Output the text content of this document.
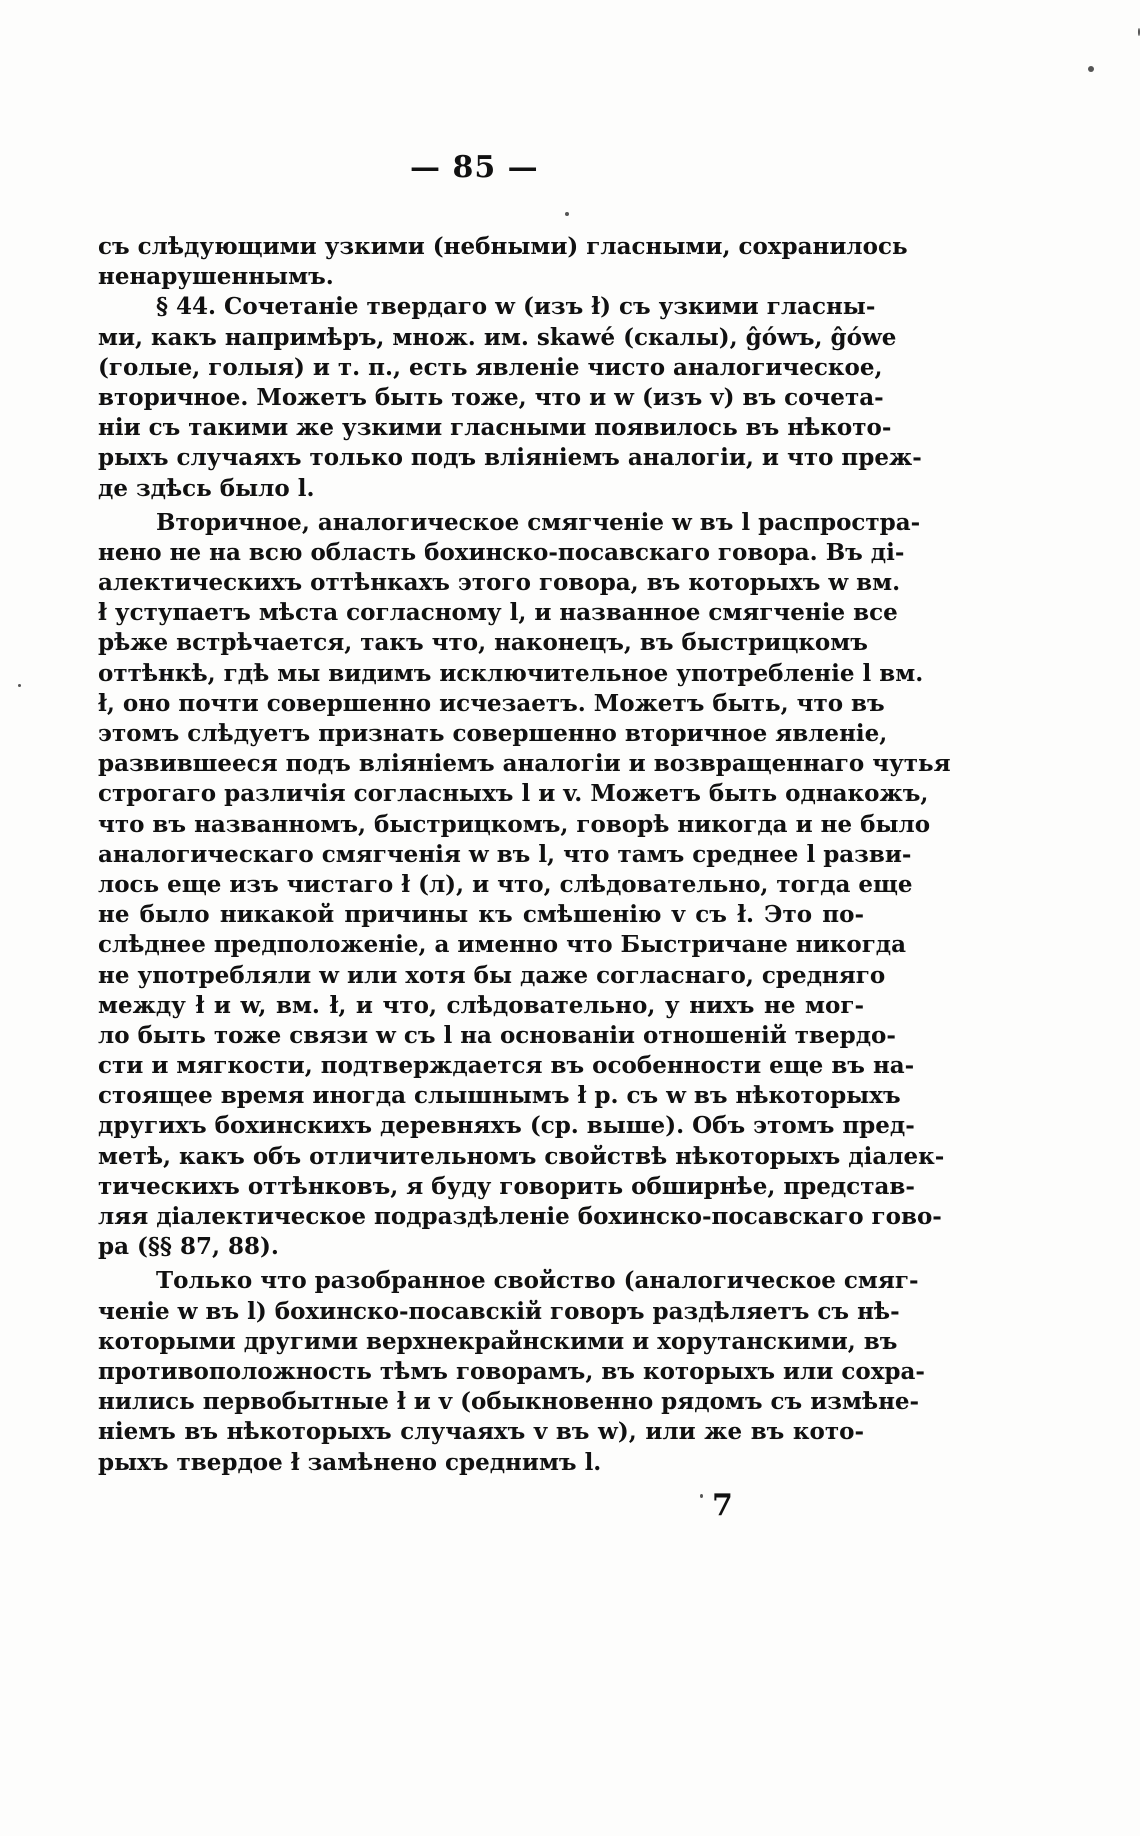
— 85 —
съ слѣдующими узкими (небными) гласными, сохранилось
ненарушеннымъ.
§ 44. Сочетаніе твердаго w (изъ ł) съ узкими гласны-
ми, какъ напримѣръ, множ. им. skawé (скалы), ĝówъ, ĝówe
(голые, голыя) и т. п., есть явленіе чисто аналогическое,
вторичное. Можетъ быть тоже, что и w (изъ v) въ сочета-
ніи съ такими же узкими гласными появилось въ нѣкото-
рыхъ случаяхъ только подъ вліяніемъ аналогіи, и что преж-
де здѣсь было l.
Вторичное, аналогическое смягченіе w въ l распростра-
нено не на всю область бохинско-посавскаго говора. Въ ді-
алектическихъ оттѣнкахъ этого говора, въ которыхъ w вм.
ł уступаетъ мѣста согласному l, и названное смягченіе все
рѣже встрѣчается, такъ что, наконецъ, въ быстрицкомъ
оттѣнкѣ, гдѣ мы видимъ исключительное употребленіе l вм.
ł, оно почти совершенно исчезаетъ. Можетъ быть, что въ
этомъ слѣдуетъ признать совершенно вторичное явленіе,
развившееся подъ вліяніемъ аналогіи и возвращеннаго чутья
строгаго различія согласныхъ l и v. Можетъ быть однакожъ,
что въ названномъ, быстрицкомъ, говорѣ никогда и не было
аналогическаго смягченія w въ l, что тамъ среднее l разви-
лось еще изъ чистаго ł (л), и что, слѣдовательно, тогда еще
не было никакой причины къ смѣшенію v съ ł. Это по-
слѣднее предположеніе, а именно что Быстричане никогда
не употребляли w или хотя бы даже согласнаго, средняго
между ł и w, вм. ł, и что, слѣдовательно, у нихъ не мог-
ло быть тоже связи w съ l на основаніи отношеній твердо-
сти и мягкости, подтверждается въ особенности еще въ на-
стоящее время иногда слышнымъ ł р. съ w въ нѣкоторыхъ
другихъ бохинскихъ деревняхъ (ср. выше). Объ этомъ пред-
метѣ, какъ объ отличительномъ свойствѣ нѣкоторыхъ діалек-
тическихъ оттѣнковъ, я буду говорить обширнѣе, представ-
ляя діалектическое подраздѣленіе бохинско-посавскаго гово-
ра (§§ 87, 88).
Только что разобранное свойство (аналогическое смяг-
ченіе w въ l) бохинско-посавскій говоръ раздѣляетъ съ нѣ-
которыми другими верхнекрайнскими и хорутанскими, въ
противоположность тѣмъ говорамъ, въ которыхъ или сохра-
нились первобытные ł и v (обыкновенно рядомъ съ измѣне-
ніемъ въ нѣкоторыхъ случаяхъ v въ w), или же въ кото-
рыхъ твердое ł замѣнено среднимъ l.
7
